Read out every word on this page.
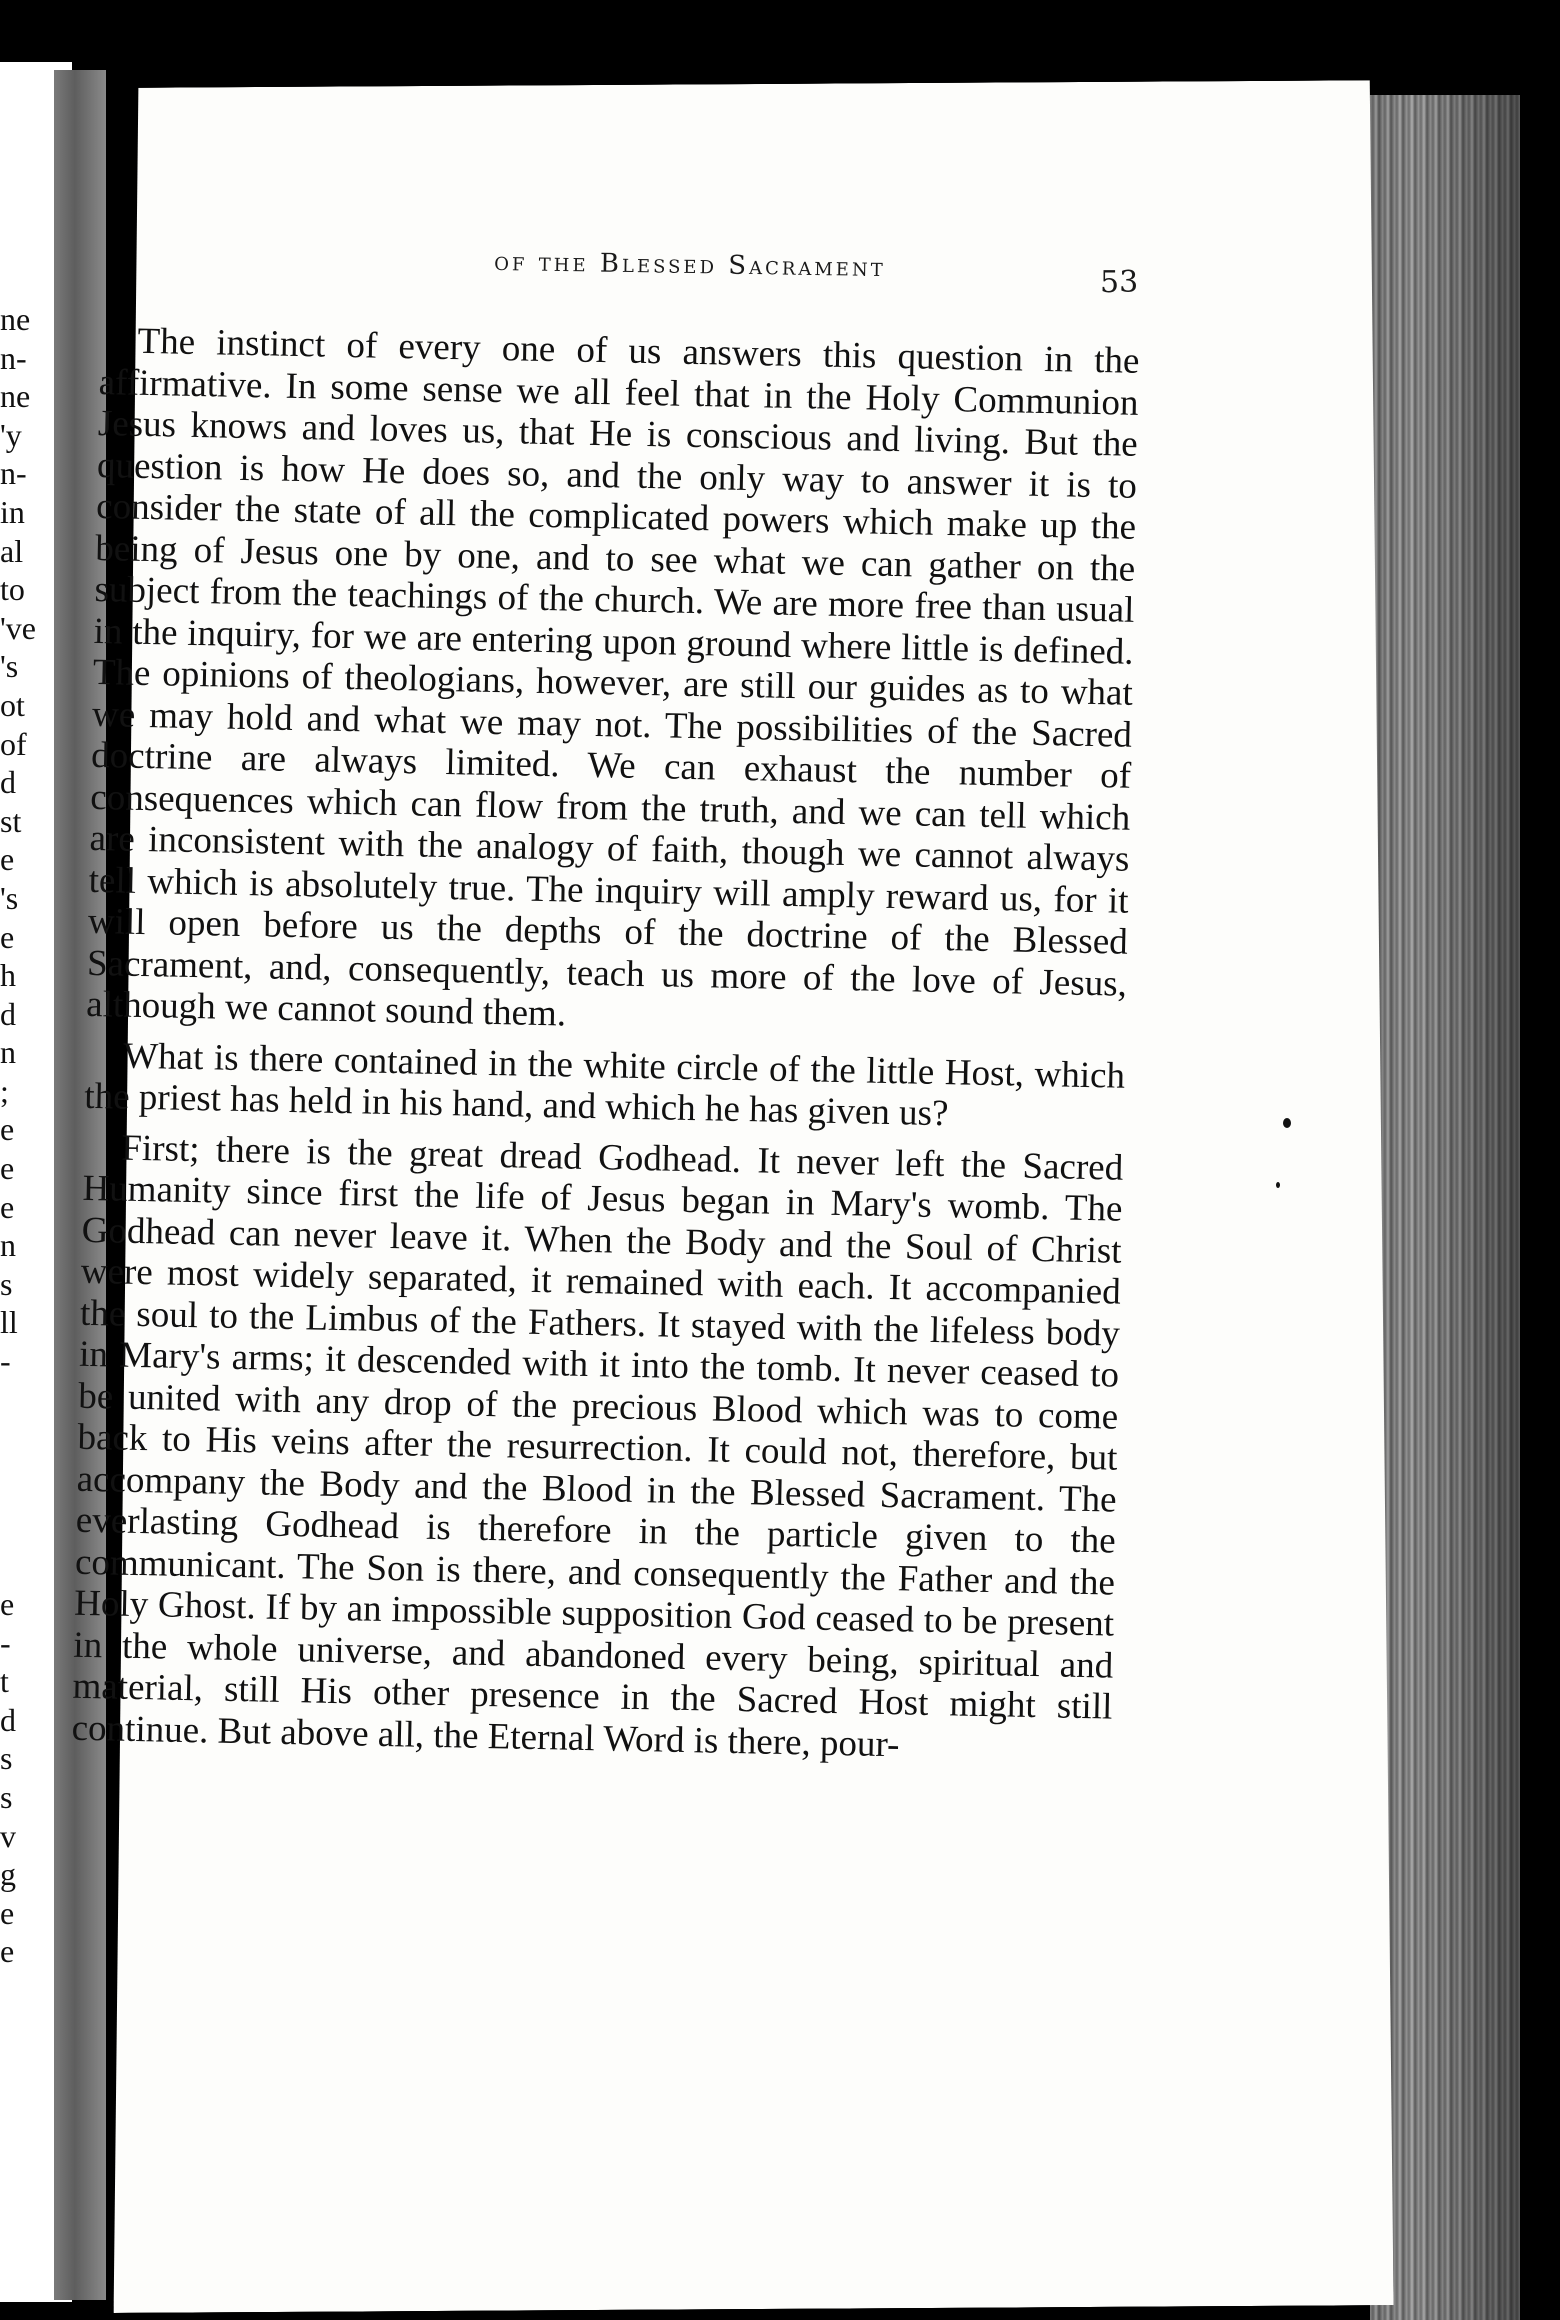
ne
n-
ne
'y
n-
in
al
to
've
's
ot
of
d
st
e
's
e
h
d
n
;
e
e
e
n
s
ll
-
e
-
t
d
s
s
v
g
e
e
of the Blessed Sacrament	53

The instinct of every one of us answers this question in the affirmative. In some sense we all feel that in the Holy Communion Jesus knows and loves us, that He is conscious and living. But the question is how He does so, and the only way to answer it is to consider the state of all the complicated powers which make up the being of Jesus one by one, and to see what we can gather on the subject from the teachings of the church. We are more free than usual in the inquiry, for we are entering upon ground where little is defined. The opinions of theologians, however, are still our guides as to what we may hold and what we may not. The possibilities of the Sacred doctrine are always limited. We can exhaust the number of consequences which can flow from the truth, and we can tell which are inconsistent with the analogy of faith, though we cannot always tell which is absolutely true. The inquiry will amply reward us, for it will open before us the depths of the doctrine of the Blessed Sacrament, and, consequently, teach us more of the love of Jesus, although we cannot sound them.

What is there contained in the white circle of the little Host, which the priest has held in his hand, and which he has given us?

First; there is the great dread Godhead. It never left the Sacred Humanity since first the life of Jesus began in Mary's womb. The Godhead can never leave it. When the Body and the Soul of Christ were most widely separated, it remained with each. It accompanied the soul to the Limbus of the Fathers. It stayed with the lifeless body in Mary's arms; it descended with it into the tomb. It never ceased to be united with any drop of the precious Blood which was to come back to His veins after the resurrection. It could not, therefore, but accompany the Body and the Blood in the Blessed Sacrament. The everlasting Godhead is therefore in the particle given to the communicant. The Son is there, and consequently the Father and the Holy Ghost. If by an impossible supposition God ceased to be present in the whole universe, and abandoned every being, spiritual and material, still His other presence in the Sacred Host might still continue. But above all, the Eternal Word is there, pour-
